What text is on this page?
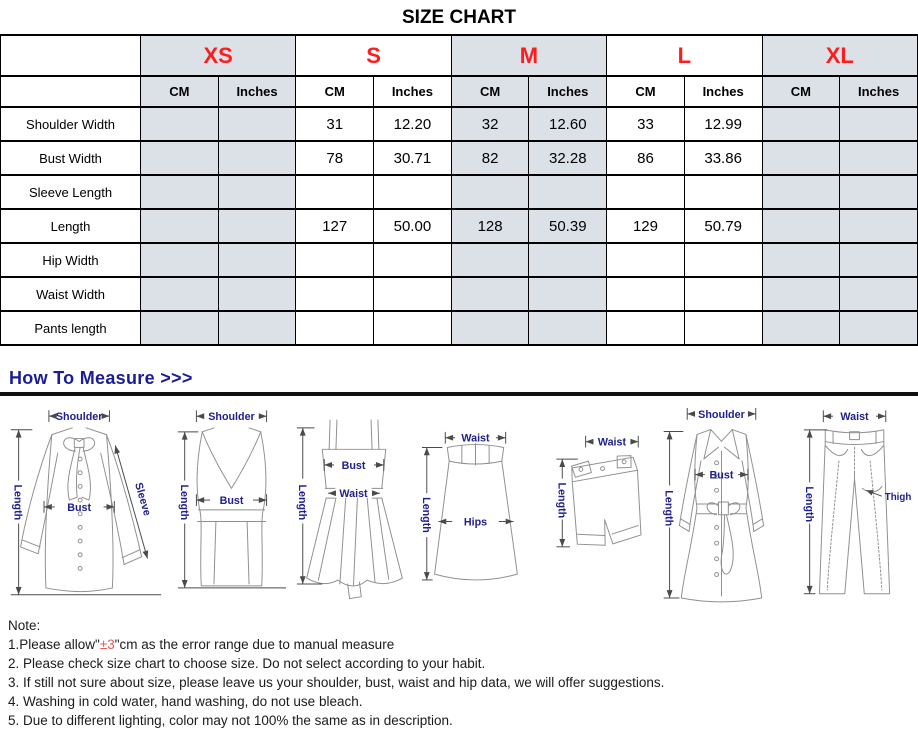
SIZE CHART
	XS		S		M		L		XL	
	CM	Inches	CM	Inches	CM	Inches	CM	Inches	CM	Inches
Shoulder Width			31	12.20	32	12.60	33	12.99		
Bust Width			78	30.71	82	32.28	86	33.86		
Sleeve Length										
Length			127	50.00	128	50.39	129	50.79		
Hip Width										
Waist Width										
Pants length										
How To Measure >>>
Shoulder
Bust
Length	Sleeve
Shoulder
Bust
Length
Bust
Waist
Length
Waist
Hips
Length
Waist
Length
Shoulder
Bust
Length
Waist
Thigh
Length
Note:
1.Please allow"±3"cm as the error range due to manual measure
2. Please check size chart to choose size. Do not select according to your habit.
3. If still not sure about size, please leave us your shoulder, bust, waist and hip data, we will offer suggestions.
4. Washing in cold water, hand washing, do not use bleach.
5. Due to different lighting, color may not 100% the same as in description.
